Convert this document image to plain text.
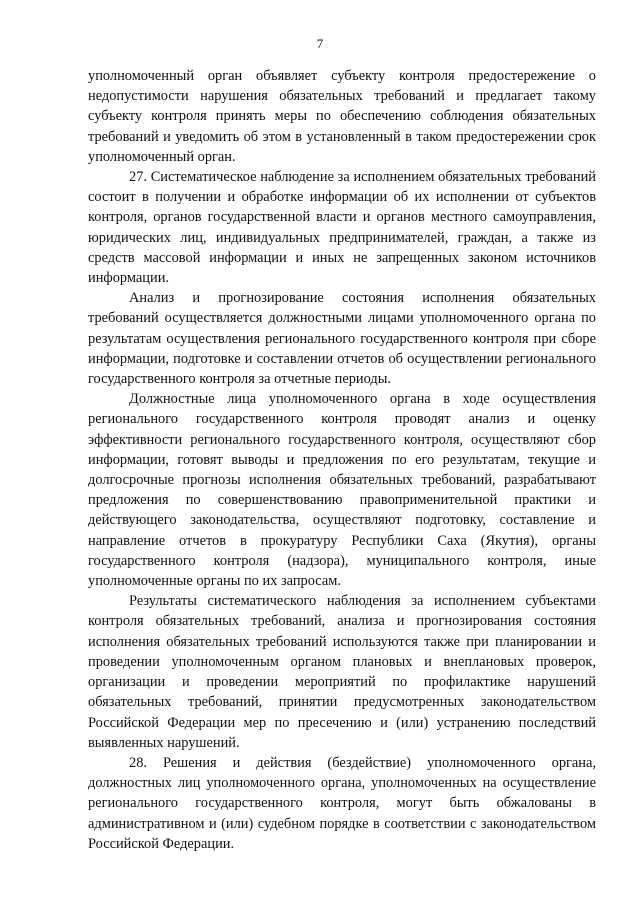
7

уполномоченный орган объявляет субъекту контроля предостережение о недопустимости нарушения обязательных требований и предлагает такому субъекту контроля принять меры по обеспечению соблюдения обязательных требований и уведомить об этом в установленный в таком предостережении срок уполномоченный орган.

27. Систематическое наблюдение за исполнением обязательных требований состоит в получении и обработке информации об их исполнении от субъектов контроля, органов государственной власти и органов местного самоуправления, юридических лиц, индивидуальных предпринимателей, граждан, а также из средств массовой информации и иных не запрещенных законом источников информации.

Анализ и прогнозирование состояния исполнения обязательных требований осуществляется должностными лицами уполномоченного органа по результатам осуществления регионального государственного контроля при сборе информации, подготовке и составлении отчетов об осуществлении регионального государственного контроля за отчетные периоды.

Должностные лица уполномоченного органа в ходе осуществления регионального государственного контроля проводят анализ и оценку эффективности регионального государственного контроля, осуществляют сбор информации, готовят выводы и предложения по его результатам, текущие и долгосрочные прогнозы исполнения обязательных требований, разрабатывают предложения по совершенствованию правоприменительной практики и действующего законодательства, осуществляют подготовку, составление и направление отчетов в прокуратуру Республики Саха (Якутия), органы государственного контроля (надзора), муниципального контроля, иные уполномоченные органы по их запросам.

Результаты систематического наблюдения за исполнением субъектами контроля обязательных требований, анализа и прогнозирования состояния исполнения обязательных требований используются также при планировании и проведении уполномоченным органом плановых и внеплановых проверок, организации и проведении мероприятий по профилактике нарушений обязательных требований, принятии предусмотренных законодательством Российской Федерации мер по пресечению и (или) устранению последствий выявленных нарушений.

28. Решения и действия (бездействие) уполномоченного органа, должностных лиц уполномоченного органа, уполномоченных на осуществление регионального государственного контроля, могут быть обжалованы в административном и (или) судебном порядке в соответствии с законодательством Российской Федерации.
